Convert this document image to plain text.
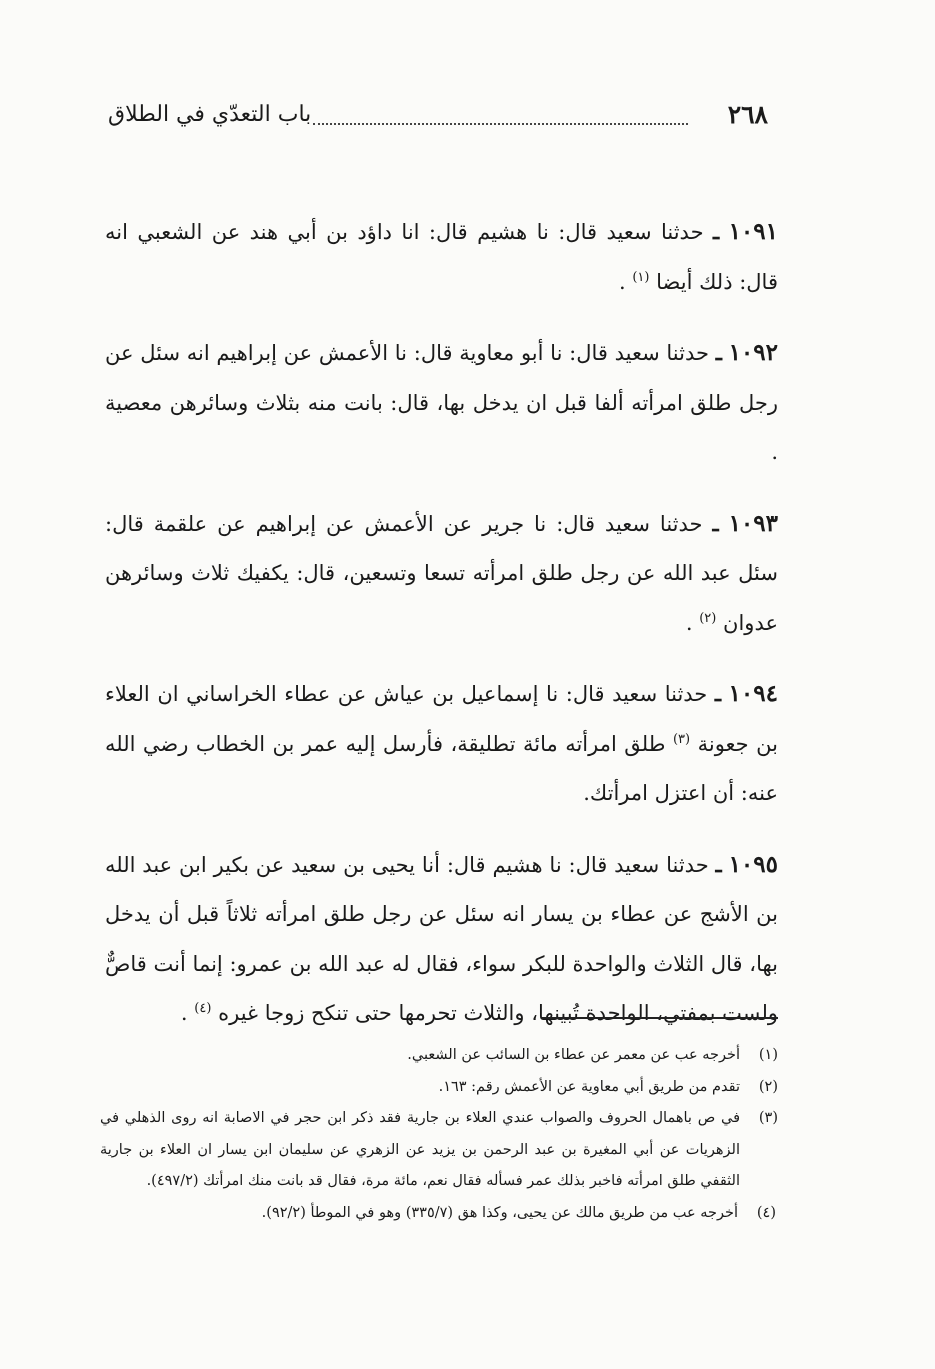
٢٦٨
باب التعدّي في الطلاق

١٠٩١ ـ حدثنا سعيد قال: نا هشيم قال: انا داؤد بن أبي هند عن الشعبي انه قال: ذلك أيضا $^{(١)}$ .

١٠٩٢ ـ حدثنا سعيد قال: نا أبو معاوية قال: نا الأعمش عن إبراهيم انه سئل عن رجل طلق امرأته ألفا قبل ان يدخل بها، قال: بانت منه بثلاث وسائرهن معصية .

١٠٩٣ ـ حدثنا سعيد قال: نا جرير عن الأعمش عن إبراهيم عن علقمة قال: سئل عبد الله عن رجل طلق امرأته تسعا وتسعين، قال: يكفيك ثلاث وسائرهن عدوان $^{(٢)}$ .

١٠٩٤ ـ حدثنا سعيد قال: نا إسماعيل بن عياش عن عطاء الخراساني ان العلاء بن جعونة $^{(٣)}$ طلق امرأته مائة تطليقة، فأرسل إليه عمر بن الخطاب رضي الله عنه: أن اعتزل امرأتك.

١٠٩٥ ـ حدثنا سعيد قال: نا هشيم قال: أنا يحيى بن سعيد عن بكير ابن عبد الله بن الأشج عن عطاء بن يسار انه سئل عن رجل طلق امرأته ثلاثاً قبل أن يدخل بها، قال الثلاث والواحدة للبكر سواء، فقال له عبد الله بن عمرو: إنما أنت قاصٌّ ولست بمفتي، الواحدة تُبينها، والثلاث تحرمها حتى تنكح زوجا غيره $^{(٤)}$ .

(١)
أخرجه عب عن معمر عن عطاء بن السائب عن الشعبي.
(٢)
تقدم من طريق أبي معاوية عن الأعمش رقم: ١٦٣.
(٣)
في ص باهمال الحروف والصواب عندي العلاء بن جارية فقد ذكر ابن حجر في الاصابة انه روى الذهلي في الزهريات عن أبي المغيرة بن عبد الرحمن بن يزيد عن الزهري عن سليمان ابن يسار ان العلاء بن جارية الثقفي طلق امرأته فاخبر بذلك عمر فسأله فقال نعم، مائة مرة، فقال قد بانت منك امرأتك (٤٩٧/٢).
(٤)
أخرجه عب من طريق مالك عن يحيى، وكذا هق (٣٣٥/٧) وهو في الموطأ (٩٢/٢).
